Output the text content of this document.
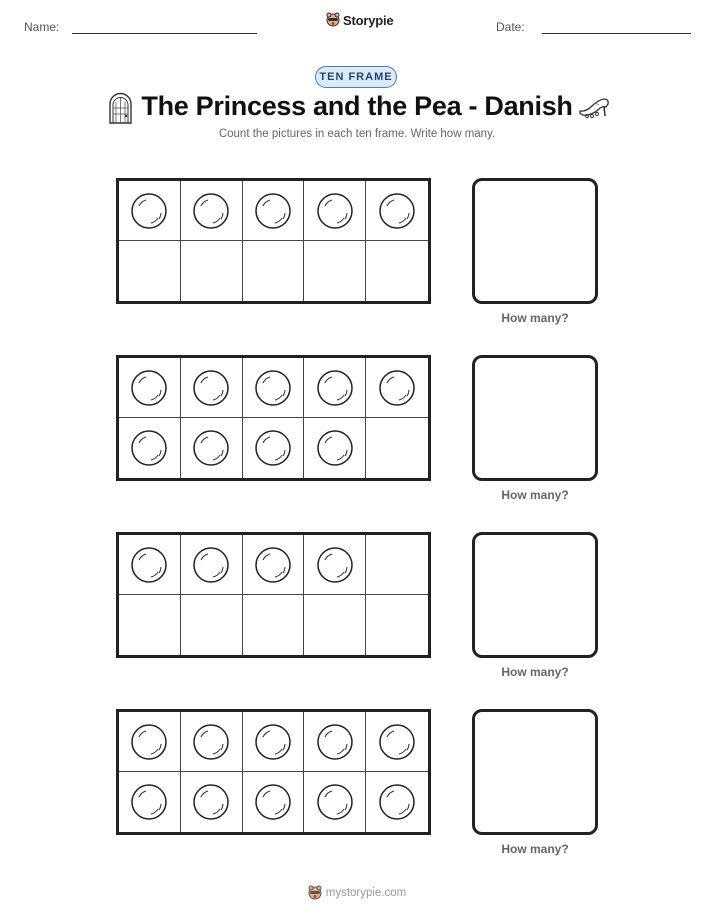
Name:	Storypie	Date:
TEN FRAME
The Princess and the Pea - Danish
Count the pictures in each ten frame. Write how many.
How many?
How many?
How many?
How many?
mystorypie.com
